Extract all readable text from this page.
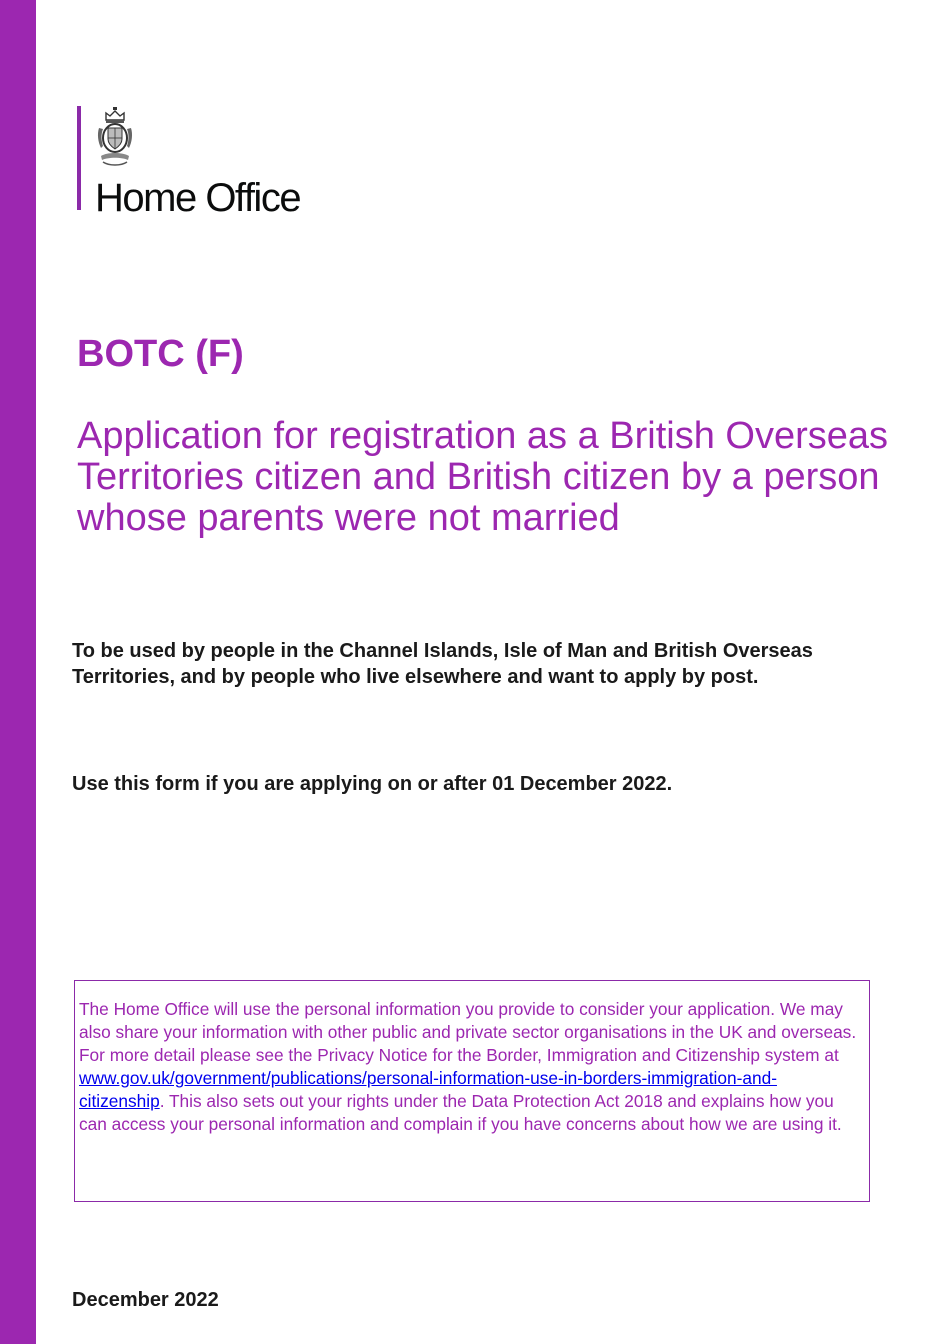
Home Office
BOTC (F)
Application for registration as a British Overseas Territories citizen and British citizen by a person whose parents were not married

To be used by people in the Channel Islands, Isle of Man and British Overseas Territories, and by people who live elsewhere and want to apply by post.

Use this form if you are applying on or after 01 December 2022.

The Home Office will use the personal information you provide to consider your application. We may also share your information with other public and private sector organisations in the UK and overseas. For more detail please see the Privacy Notice for the Border, Immigration and Citizenship system at www.gov.uk/government/publications/personal-information-use-in-borders-immigration-and-citizenship. This also sets out your rights under the Data Protection Act 2018 and explains how you can access your personal information and complain if you have concerns about how we are using it.

December 2022
